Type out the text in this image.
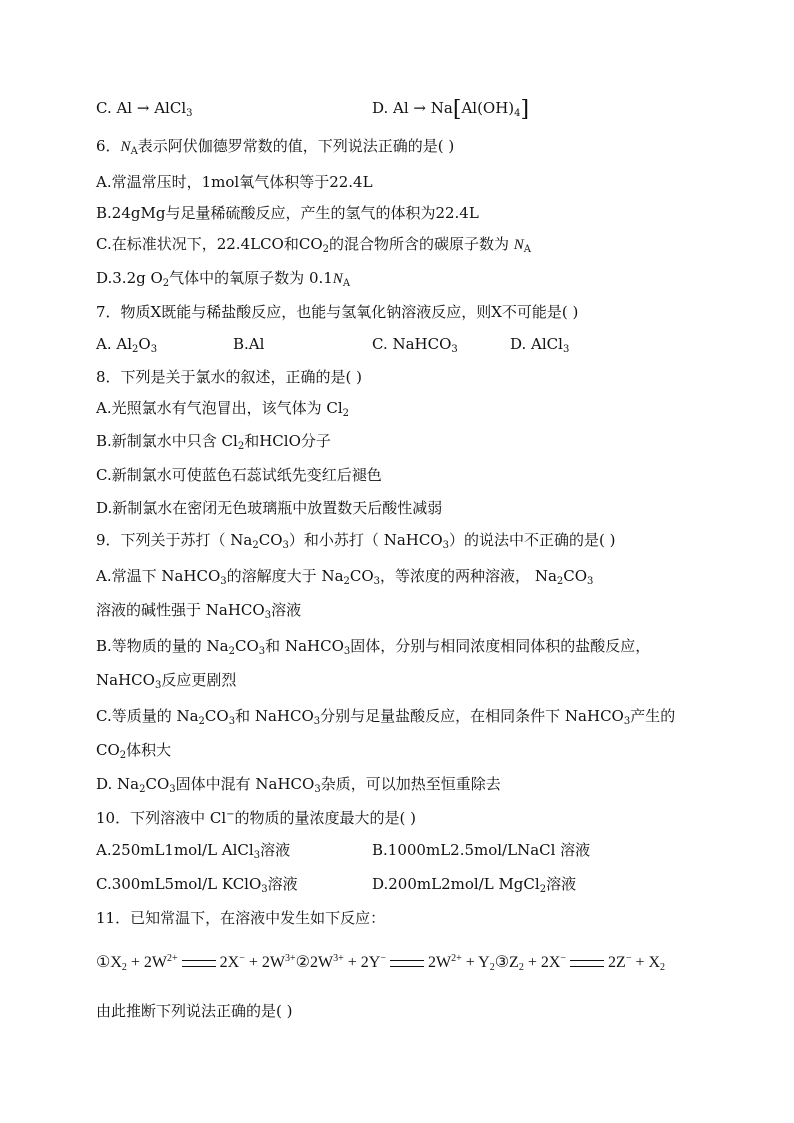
C. Al → AlCl$_3$	D. $Al \to Na[Al(OH)_4]$
6．$N_A$表示阿伏伽德罗常数的值，下列说法正确的是( )
A.常温常压时，1mol氧气体积等于22.4L
B.24gMg与足量稀硫酸反应，产生的氢气的体积为22.4L
C.在标准状况下，22.4LCO和$CO_2$的混合物所含的碳原子数为 $N_A$
D.3.2g $O_2$气体中的氧原子数为 $0.1N_A$
7．物质X既能与稀盐酸反应，也能与氢氧化钠溶液反应，则X不可能是( )
A. $Al_2O_3$	B.Al	C. NaHCO$_3$	D. AlCl$_3$
8．下列是关于氯水的叙述，正确的是( )
A.光照氯水有气泡冒出，该气体为 $Cl_2$
B.新制氯水中只含 $Cl_2$和HClO分子
C.新制氯水可使蓝色石蕊试纸先变红后褪色
D.新制氯水在密闭无色玻璃瓶中放置数天后酸性减弱
9．下列关于苏打（ $Na_2CO_3$）和小苏打（ NaHCO$_3$）的说法中不正确的是( )
A.常温下 NaHCO$_3$的溶解度大于 $Na_2CO_3$，等浓度的两种溶液， $Na_2CO_3$
溶液的碱性强于 NaHCO$_3$溶液
B.等物质的量的 $Na_2CO_3$和 NaHCO$_3$固体，分别与相同浓度相同体积的盐酸反应，
NaHCO$_3$反应更剧烈
C.等质量的 $Na_2CO_3$和 NaHCO$_3$分别与足量盐酸反应，在相同条件下 NaHCO$_3$产生的
$CO_2$体积大
D. $Na_2CO_3$固体中混有 NaHCO$_3$杂质，可以加热至恒重除去
10．下列溶液中 Cl−的物质的量浓度最大的是( )
A.250mL1mol/L AlCl$_3$溶液	B.1000mL2.5mol/LNaCl 溶液
C.300mL5mol/L KClO$_3$溶液	D.200mL2mol/L MgCl$_2$溶液
11．已知常温下，在溶液中发生如下反应：
$①X_2 + 2W^{2+}$	$2X^- + 2W^{3+}②2W^{3+} + 2Y^-$	$2W^{2+}$ + $Y_2③Z_2 + 2X^-$	$2Z^- + X_2$
由此推断下列说法正确的是( )
